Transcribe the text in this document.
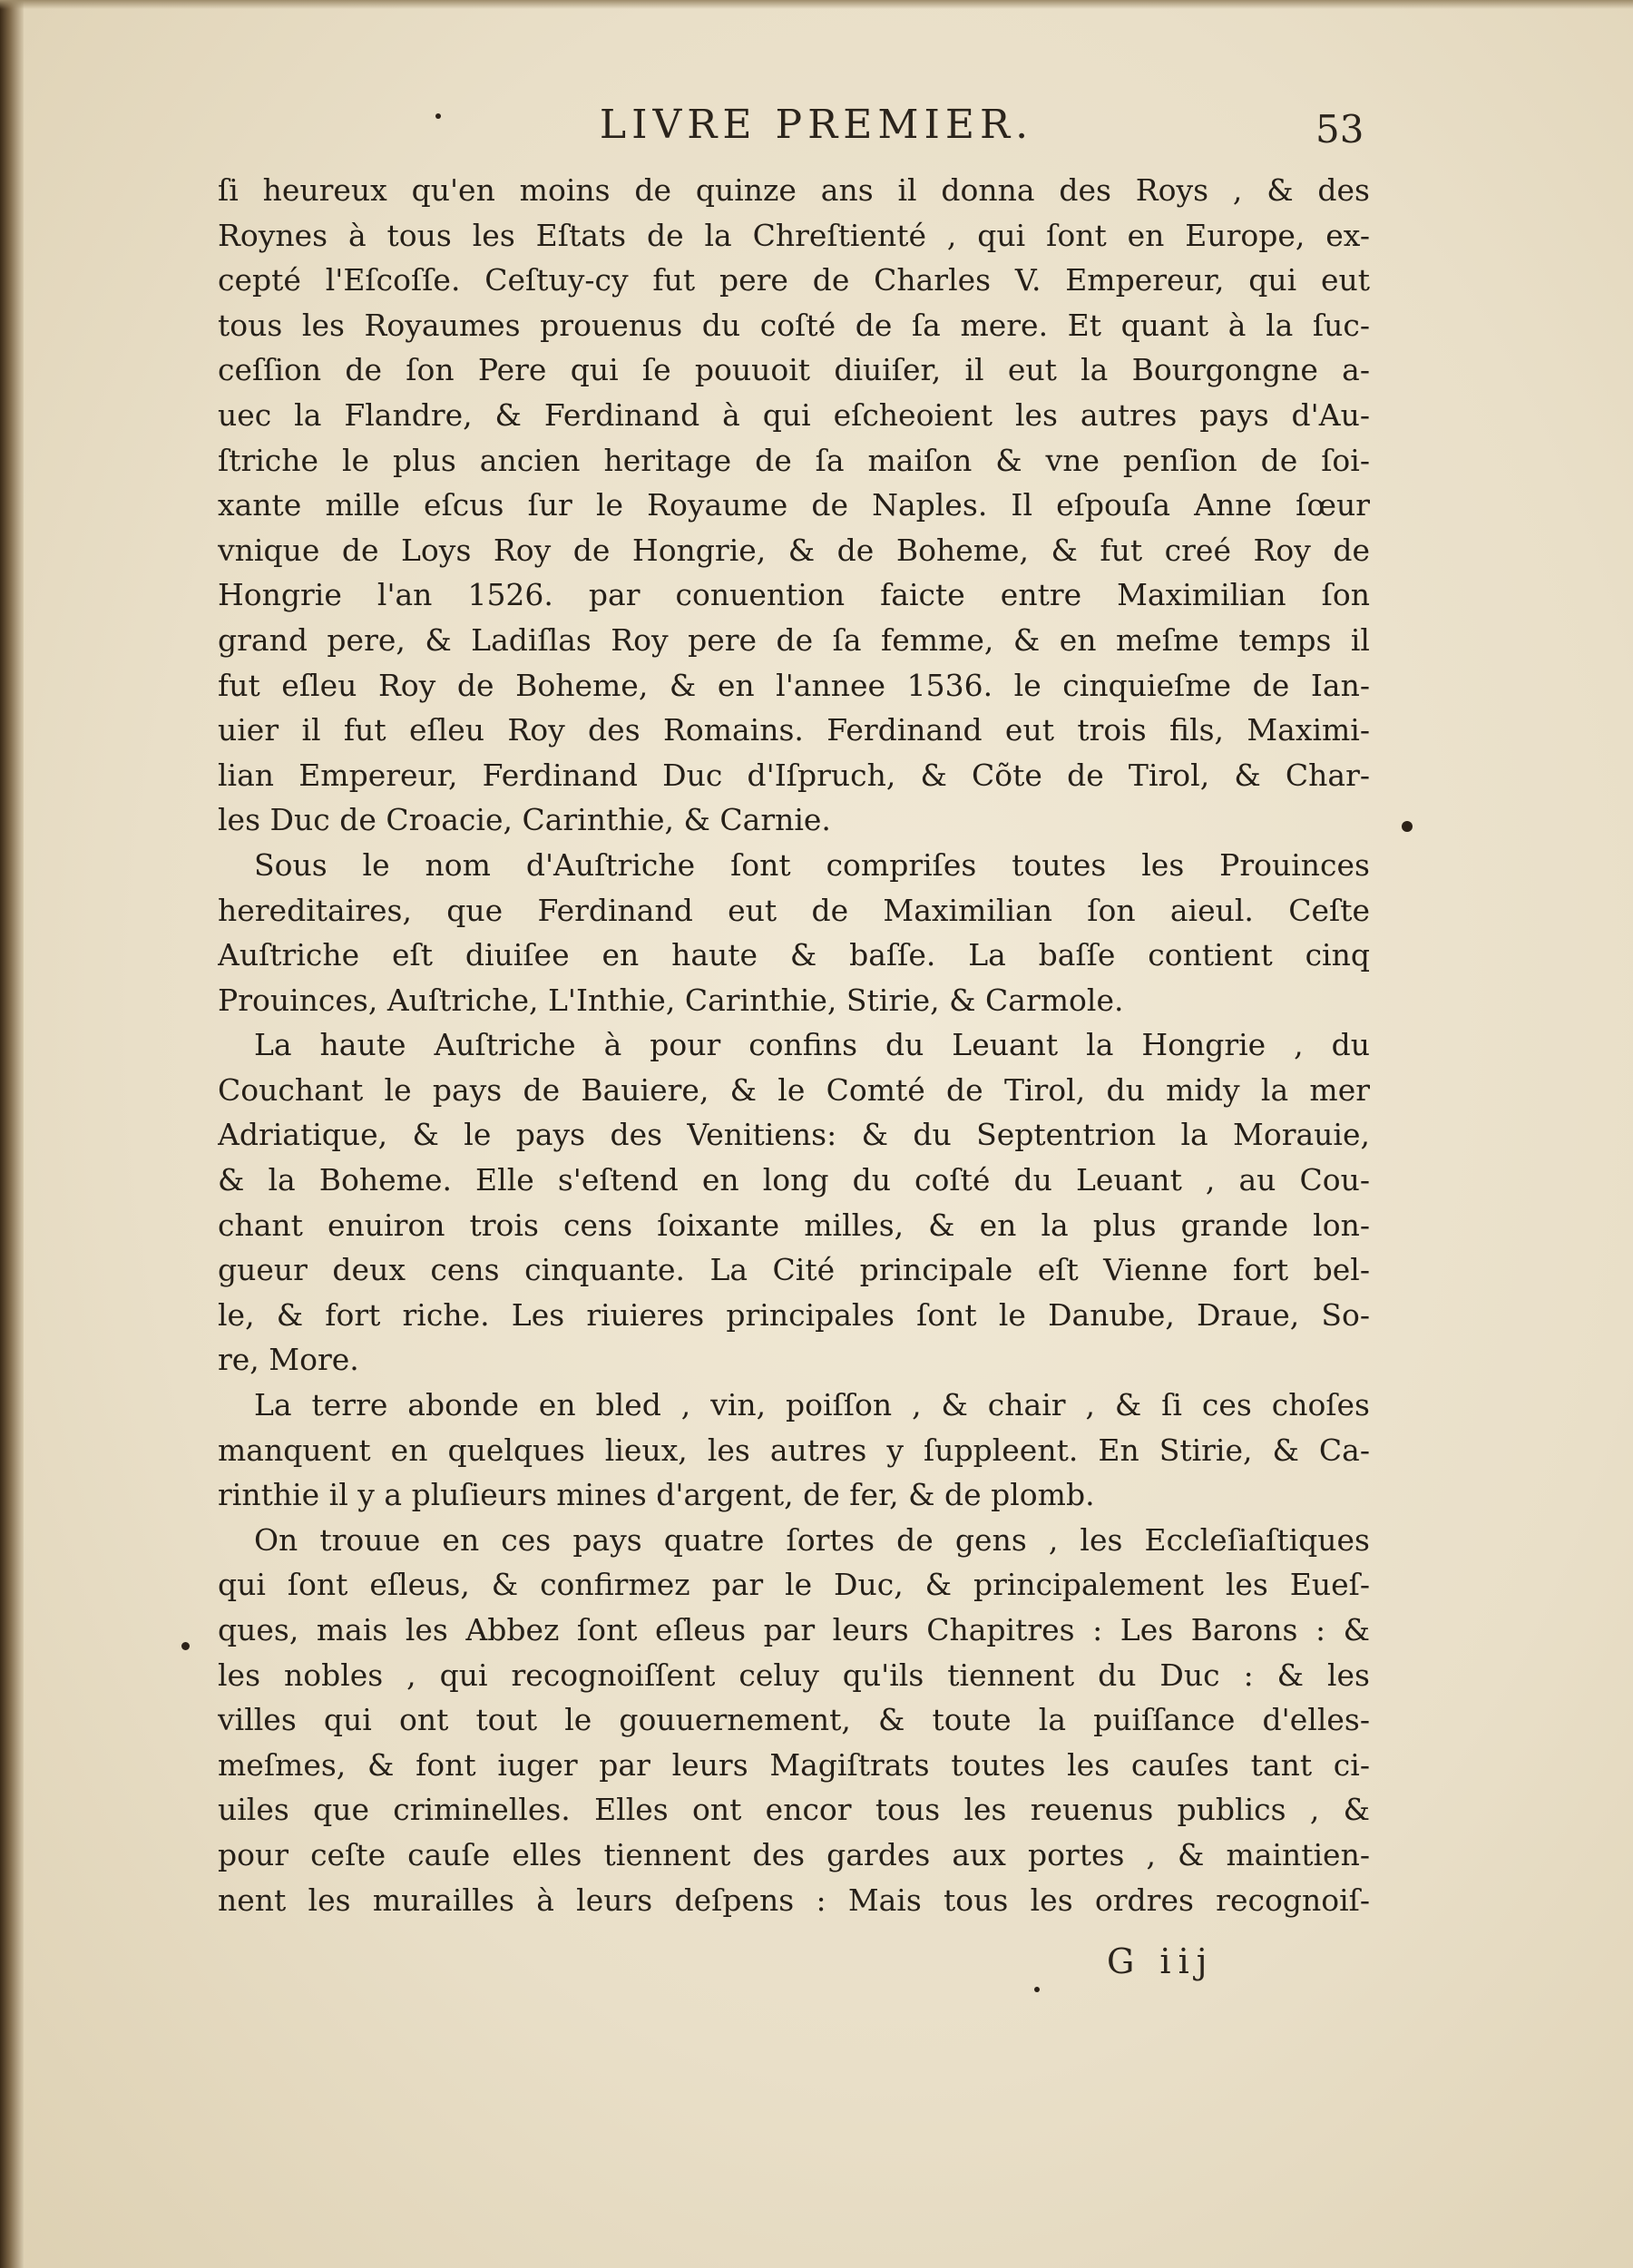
LIVRE PREMIER.	53
ſi heureux qu'en moins de quinze ans il donna des Roys , & des
Roynes à tous les Eſtats de la Chreſtienté , qui ſont en Europe, ex-
cepté l'Eſcoſſe. Ceſtuy-cy fut pere de Charles V. Empereur, qui eut
tous les Royaumes prouenus du coſté de ſa mere. Et quant à la ſuc-
ceſſion de ſon Pere qui ſe pouuoit diuiſer, il eut la Bourgongne a-
uec la Flandre, & Ferdinand à qui eſcheoient les autres pays d'Au-
ſtriche le plus ancien heritage de ſa maiſon & vne penſion de ſoi-
xante mille eſcus ſur le Royaume de Naples. Il eſpouſa Anne ſœur
vnique de Loys Roy de Hongrie, & de Boheme, & fut creé Roy de
Hongrie l'an 1526. par conuention faicte entre Maximilian ſon
grand pere, & Ladiſlas Roy pere de ſa femme, & en meſme temps il
fut eſleu Roy de Boheme, & en l'annee 1536. le cinquieſme de Ian-
uier il fut eſleu Roy des Romains. Ferdinand eut trois fils, Maximi-
lian Empereur, Ferdinand Duc d'Iſpruch, & Cõte de Tirol, & Char-
les Duc de Croacie, Carinthie, & Carnie.
Sous le nom d'Auſtriche ſont compriſes toutes les Prouinces
hereditaires, que Ferdinand eut de Maximilian ſon aieul. Ceſte
Auſtriche eſt diuiſee en haute & baſſe. La baſſe contient cinq
Prouinces, Auſtriche, L'Inthie, Carinthie, Stirie, & Carmole.
La haute Auſtriche à pour confins du Leuant la Hongrie , du
Couchant le pays de Bauiere, & le Comté de Tirol, du midy la mer
Adriatique, & le pays des Venitiens: & du Septentrion la Morauie,
& la Boheme. Elle s'eſtend en long du coſté du Leuant , au Cou-
chant enuiron trois cens ſoixante milles, & en la plus grande lon-
gueur deux cens cinquante. La Cité principale eſt Vienne fort bel-
le, & fort riche. Les riuieres principales ſont le Danube, Draue, So-
re, More.
La terre abonde en bled , vin, poiſſon , & chair , & ſi ces choſes
manquent en quelques lieux, les autres y ſuppleent. En Stirie, & Ca-
rinthie il y a pluſieurs mines d'argent, de fer, & de plomb.
On trouue en ces pays quatre ſortes de gens , les Eccleſiaſtiques
qui ſont eſleus, & confirmez par le Duc, & principalement les Eueſ-
ques, mais les Abbez ſont eſleus par leurs Chapitres : Les Barons : &
les nobles , qui recognoiſſent celuy qu'ils tiennent du Duc : & les
villes qui ont tout le gouuernement, & toute la puiſſance d'elles-
meſmes, & font iuger par leurs Magiſtrats toutes les cauſes tant ci-
uiles que criminelles. Elles ont encor tous les reuenus publics , &
pour ceſte cauſe elles tiennent des gardes aux portes , & maintien-
nent les murailles à leurs deſpens : Mais tous les ordres recognoiſ-
G iij
